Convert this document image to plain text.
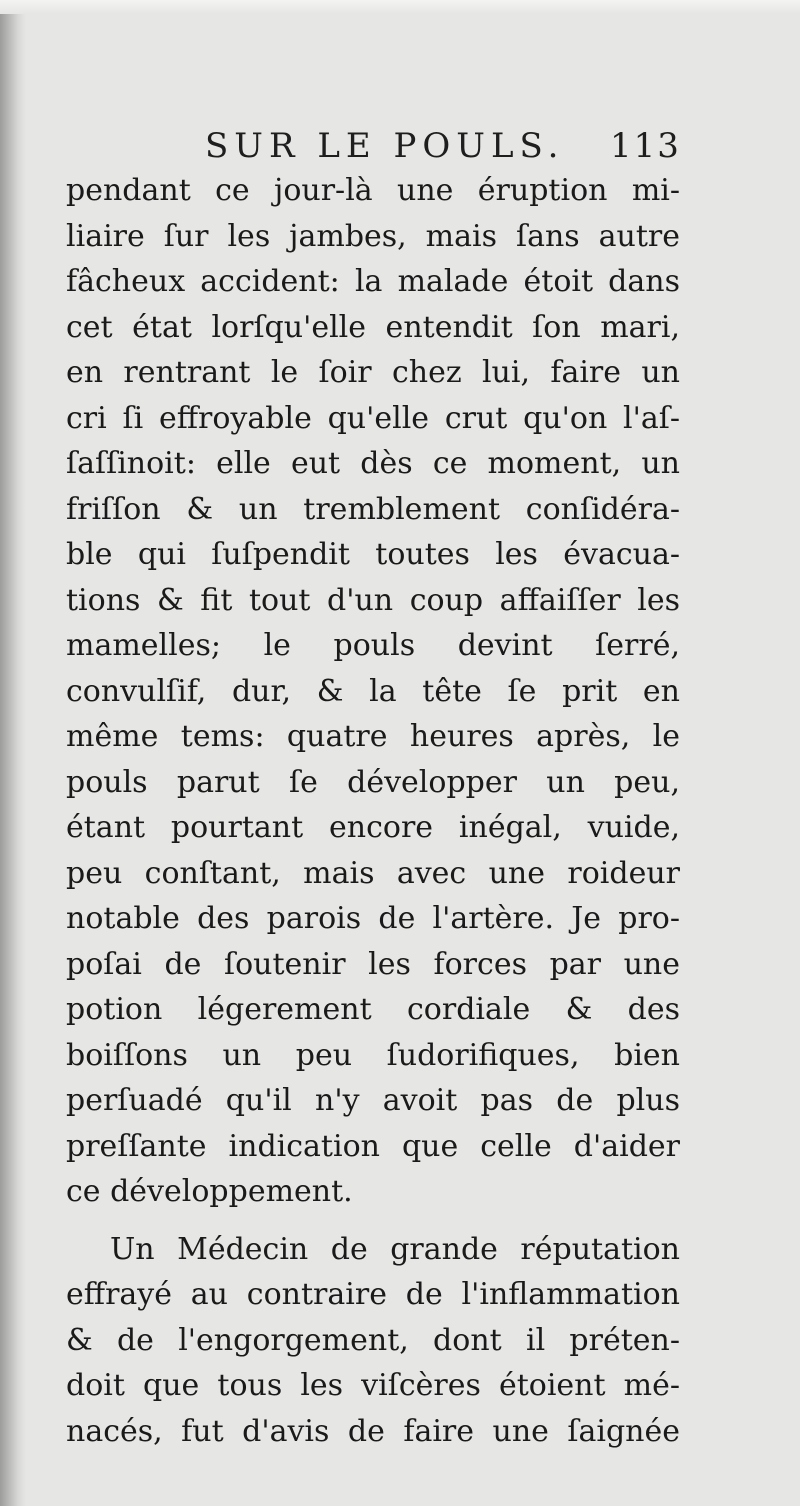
SUR LE POULS. 113
pendant ce jour-là une éruption mi-
liaire ſur les jambes, mais ſans autre
fâcheux accident: la malade étoit dans
cet état lorſqu'elle entendit ſon mari,
en rentrant le ſoir chez lui, faire un
cri ſi effroyable qu'elle crut qu'on l'aſ-
ſaſſinoit: elle eut dès ce moment, un
friſſon & un tremblement conſidéra-
ble qui ſuſpendit toutes les évacua-
tions & fit tout d'un coup affaiſſer les
mamelles; le pouls devint ſerré,
convulſif, dur, & la tête ſe prit en
même tems: quatre heures après, le
pouls parut ſe développer un peu,
étant pourtant encore inégal, vuide,
peu conſtant, mais avec une roideur
notable des parois de l'artère. Je pro-
poſai de ſoutenir les forces par une
potion légerement cordiale & des
boiſſons un peu ſudorifiques, bien
perſuadé qu'il n'y avoit pas de plus
preſſante indication que celle d'aider
ce développement.
Un Médecin de grande réputation
effrayé au contraire de l'inflammation
& de l'engorgement, dont il préten-
doit que tous les viſcères étoient mé-
nacés, fut d'avis de faire une ſaignée
